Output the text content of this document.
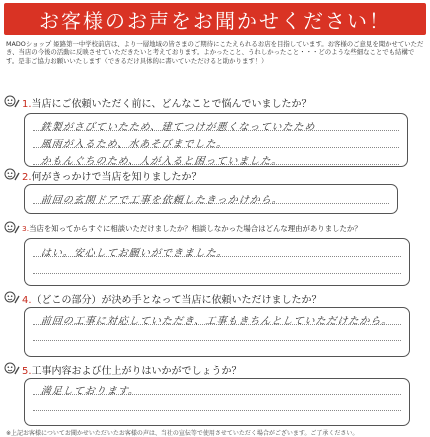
お客様のお声をお聞かせください！

MADOショップ 姫路第一中学校前店は、より一層地域の皆さまのご期待にこたえられるお店を目指しています。お客様のご意見を聞かせていただき、当店の今後の活動に反映させていただきたいと考えております。よかったこと、うれしかったこと・・・どのような些細なことでも結構です。是非ご協力お願いいたします（できるだけ具体的に書いていただけると助かります！）

1.当店にご依頼いただく前に、どんなことで悩んでいましたか？
鉄製がさびていたため、建てつけが悪くなっていたため
風雨が入るため、水あそびまでした。
かもんぐちのため、人が入ると困っていました。
2.何がきっかけで当店を知りましたか？
前回の玄関ドアで工事を依頼したきっかけから。
3.当店を知ってからすぐに相談いただけましたか？相談しなかった場合はどんな理由がありましたか？
はい。安心してお願いができました。
4.（どこの部分）が決め手となって当店に依頼いただけましたか？
前回の工事に対応していただき、工事もきちんとしていただけたから。
5.工事内容および仕上がりはいかがでしょうか？
満足しております。
※上記お客様についてお聞かせいただいたお客様の声は、当社の宣伝等で使用させていただく場合がございます。ご了承ください。
